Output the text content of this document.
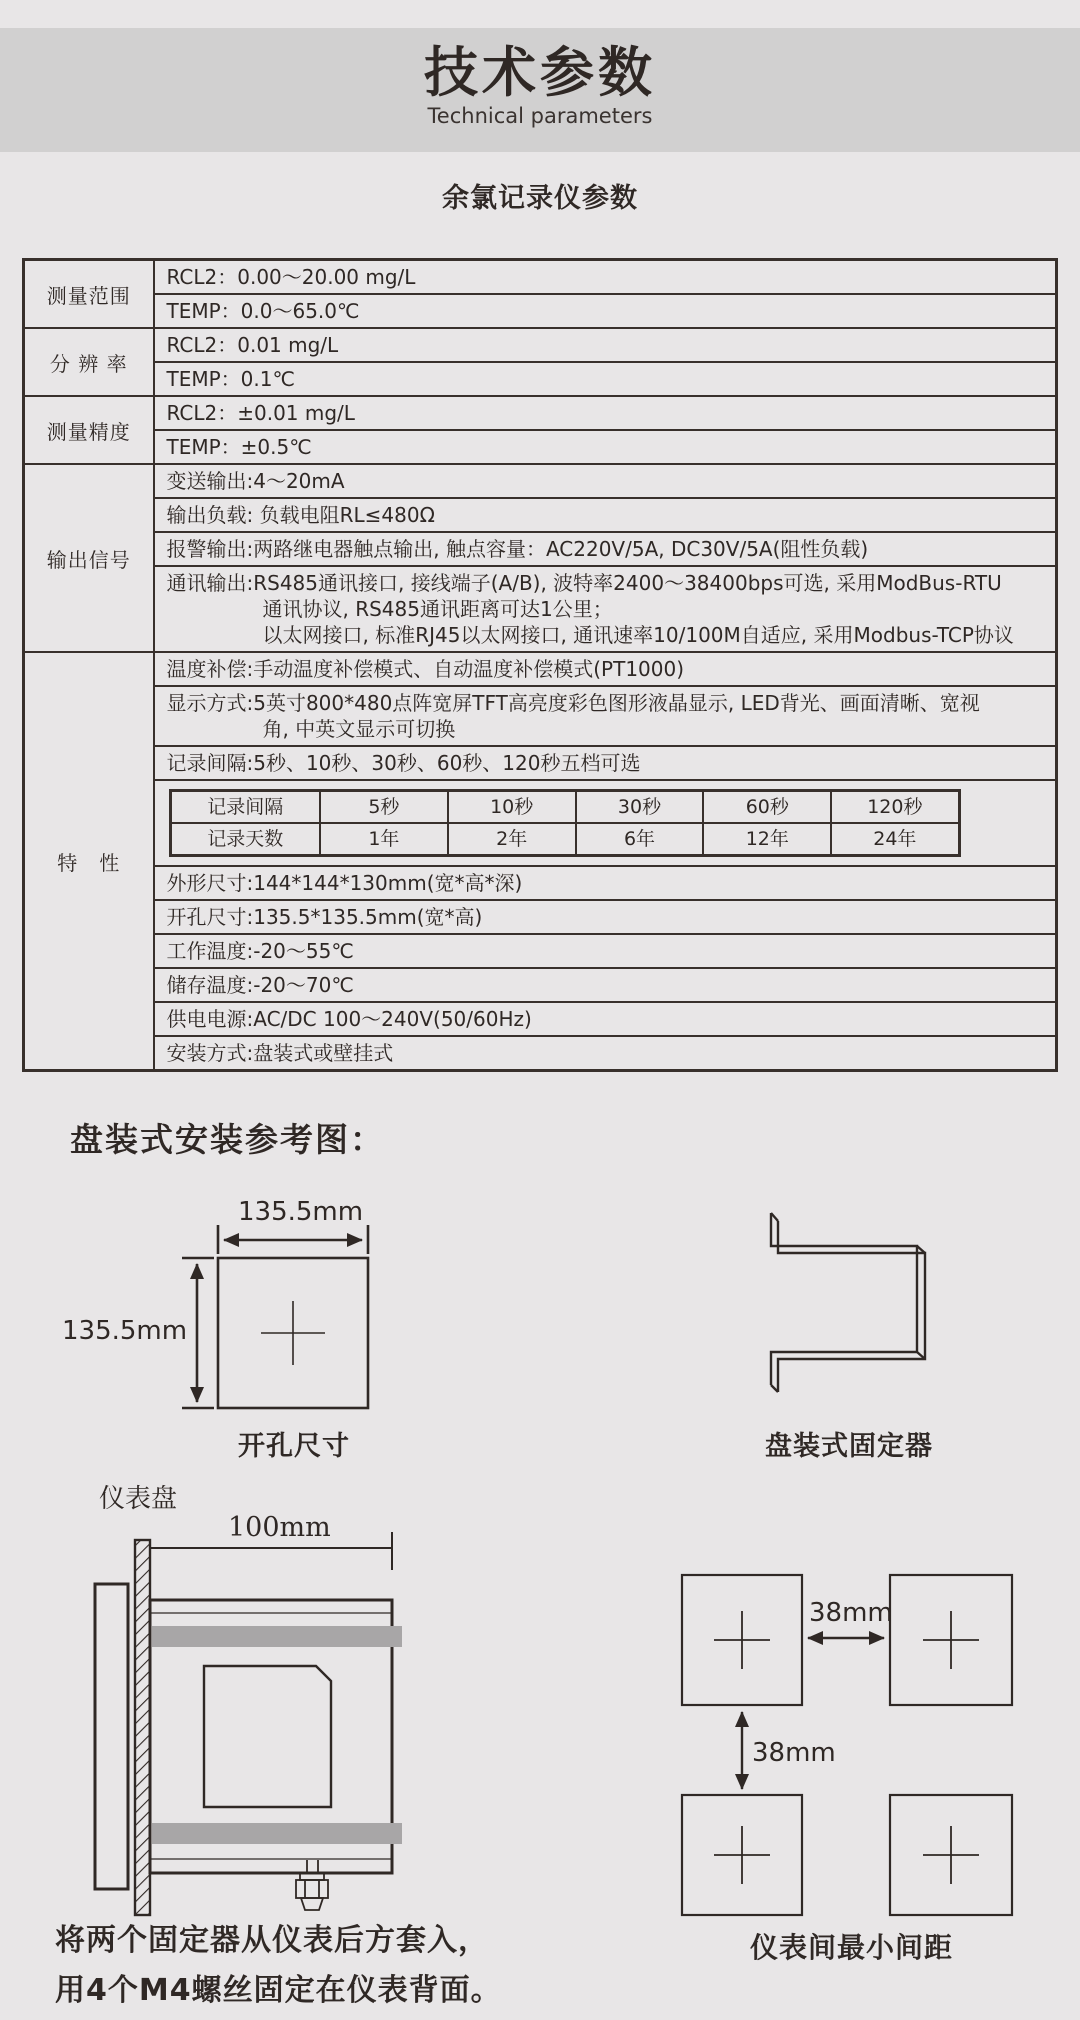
技术参数
Technical parameters
余氯记录仪参数
测量范围	RCL2：0.00～20.00 mg/L
TEMP：0.0～65.0℃
分 辨 率	RCL2：0.01 mg/L
TEMP：0.1℃
测量精度	RCL2：±0.01 mg/L
TEMP：±0.5℃
输出信号	变送输出:4～20mA
输出负载: 负载电阻RL≤480Ω
报警输出:两路继电器触点输出, 触点容量：AC220V/5A, DC30V/5A(阻性负载)

通讯输出:RS485通讯接口, 接线端子(A/B), 波特率2400～38400bps可选, 采用ModBus-RTU
通讯协议, RS485通讯距离可达1公里；
以太网接口, 标准RJ45以太网接口, 通讯速率10/100M自适应, 采用Modbus-TCP协议

特　性	温度补偿:手动温度补偿模式、自动温度补偿模式(PT1000)

显示方式:5英寸800*480点阵宽屏TFT高亮度彩色图形液晶显示, LED背光、画面清晰、宽视
角, 中英文显示可切换

记录间隔:5秒、10秒、30秒、60秒、120秒五档可选

记录间隔	5秒	10秒	30秒	60秒	120秒
记录天数	1年	2年	6年	12年	24年

外形尺寸:144*144*130mm(宽*高*深)
开孔尺寸:135.5*135.5mm(宽*高)
工作温度:-20～55℃
储存温度:-20～70℃
供电电源:AC/DC 100～240V(50/60Hz)
安装方式:盘装式或壁挂式
盘装式安装参考图：
135.5mm
135.5mm
开孔尺寸	盘装式固定器
仪表盘
100mm
38mm
38mm
仪表间最小间距
将两个固定器从仪表后方套入，
用4个M4螺丝固定在仪表背面。
